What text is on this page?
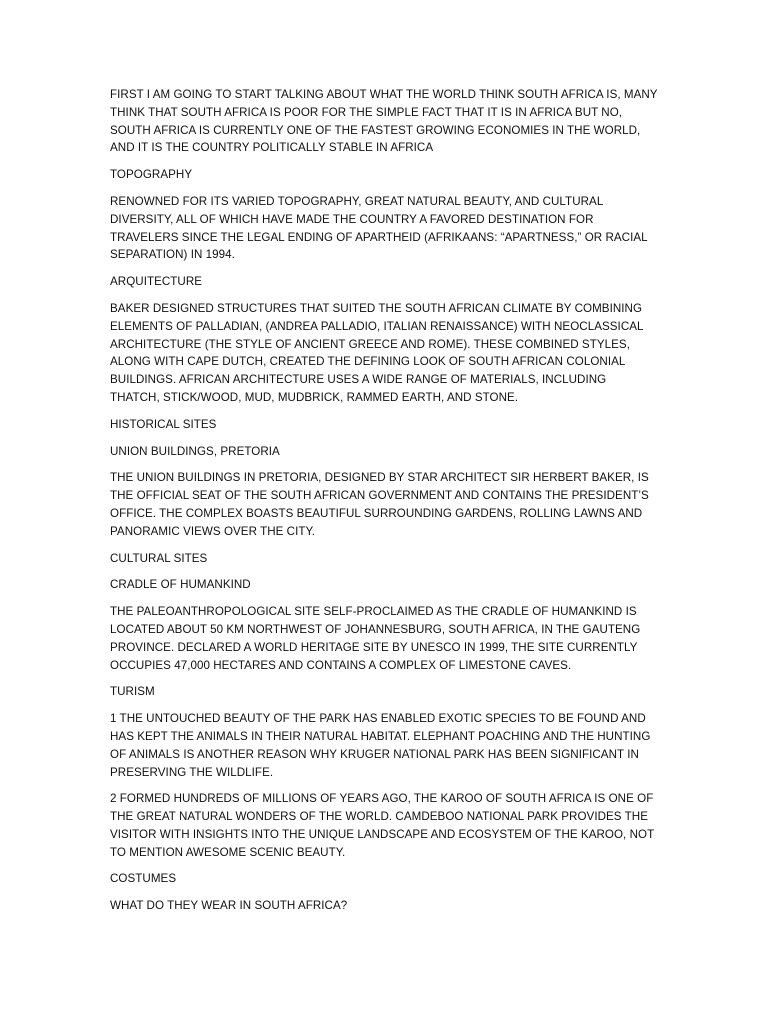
FIRST I AM GOING TO START TALKING ABOUT WHAT THE WORLD THINK SOUTH AFRICA IS, MANY THINK THAT SOUTH AFRICA IS POOR FOR THE SIMPLE FACT THAT IT IS IN AFRICA BUT NO, SOUTH AFRICA IS CURRENTLY ONE OF THE FASTEST GROWING ECONOMIES IN THE WORLD, AND IT IS THE COUNTRY POLITICALLY STABLE IN AFRICA

TOPOGRAPHY

RENOWNED FOR ITS VARIED TOPOGRAPHY, GREAT NATURAL BEAUTY, AND CULTURAL DIVERSITY, ALL OF WHICH HAVE MADE THE COUNTRY A FAVORED DESTINATION FOR TRAVELERS SINCE THE LEGAL ENDING OF APARTHEID (AFRIKAANS: “APARTNESS,” OR RACIAL SEPARATION) IN 1994.

ARQUITECTURE

BAKER DESIGNED STRUCTURES THAT SUITED THE SOUTH AFRICAN CLIMATE BY COMBINING ELEMENTS OF PALLADIAN, (ANDREA PALLADIO, ITALIAN RENAISSANCE) WITH NEOCLASSICAL ARCHITECTURE (THE STYLE OF ANCIENT GREECE AND ROME). THESE COMBINED STYLES, ALONG WITH CAPE DUTCH, CREATED THE DEFINING LOOK OF SOUTH AFRICAN COLONIAL BUILDINGS. AFRICAN ARCHITECTURE USES A WIDE RANGE OF MATERIALS, INCLUDING THATCH, STICK/WOOD, MUD, MUDBRICK, RAMMED EARTH, AND STONE.

HISTORICAL SITES

UNION BUILDINGS, PRETORIA

THE UNION BUILDINGS IN PRETORIA, DESIGNED BY STAR ARCHITECT SIR HERBERT BAKER, IS THE OFFICIAL SEAT OF THE SOUTH AFRICAN GOVERNMENT AND CONTAINS THE PRESIDENT’S OFFICE. THE COMPLEX BOASTS BEAUTIFUL SURROUNDING GARDENS, ROLLING LAWNS AND PANORAMIC VIEWS OVER THE CITY.

CULTURAL SITES

CRADLE OF HUMANKIND

THE PALEOANTHROPOLOGICAL SITE SELF-PROCLAIMED AS THE CRADLE OF HUMANKIND IS LOCATED ABOUT 50 KM NORTHWEST OF JOHANNESBURG, SOUTH AFRICA, IN THE GAUTENG PROVINCE. DECLARED A WORLD HERITAGE SITE BY UNESCO IN 1999, THE SITE CURRENTLY OCCUPIES 47,000 HECTARES AND CONTAINS A COMPLEX OF LIMESTONE CAVES.

TURISM

1 THE UNTOUCHED BEAUTY OF THE PARK HAS ENABLED EXOTIC SPECIES TO BE FOUND AND HAS KEPT THE ANIMALS IN THEIR NATURAL HABITAT. ELEPHANT POACHING AND THE HUNTING OF ANIMALS IS ANOTHER REASON WHY KRUGER NATIONAL PARK HAS BEEN SIGNIFICANT IN PRESERVING THE WILDLIFE.

2 FORMED HUNDREDS OF MILLIONS OF YEARS AGO, THE KAROO OF SOUTH AFRICA IS ONE OF THE GREAT NATURAL WONDERS OF THE WORLD. CAMDEBOO NATIONAL PARK PROVIDES THE VISITOR WITH INSIGHTS INTO THE UNIQUE LANDSCAPE AND ECOSYSTEM OF THE KAROO, NOT TO MENTION AWESOME SCENIC BEAUTY.

COSTUMES

WHAT DO THEY WEAR IN SOUTH AFRICA?
